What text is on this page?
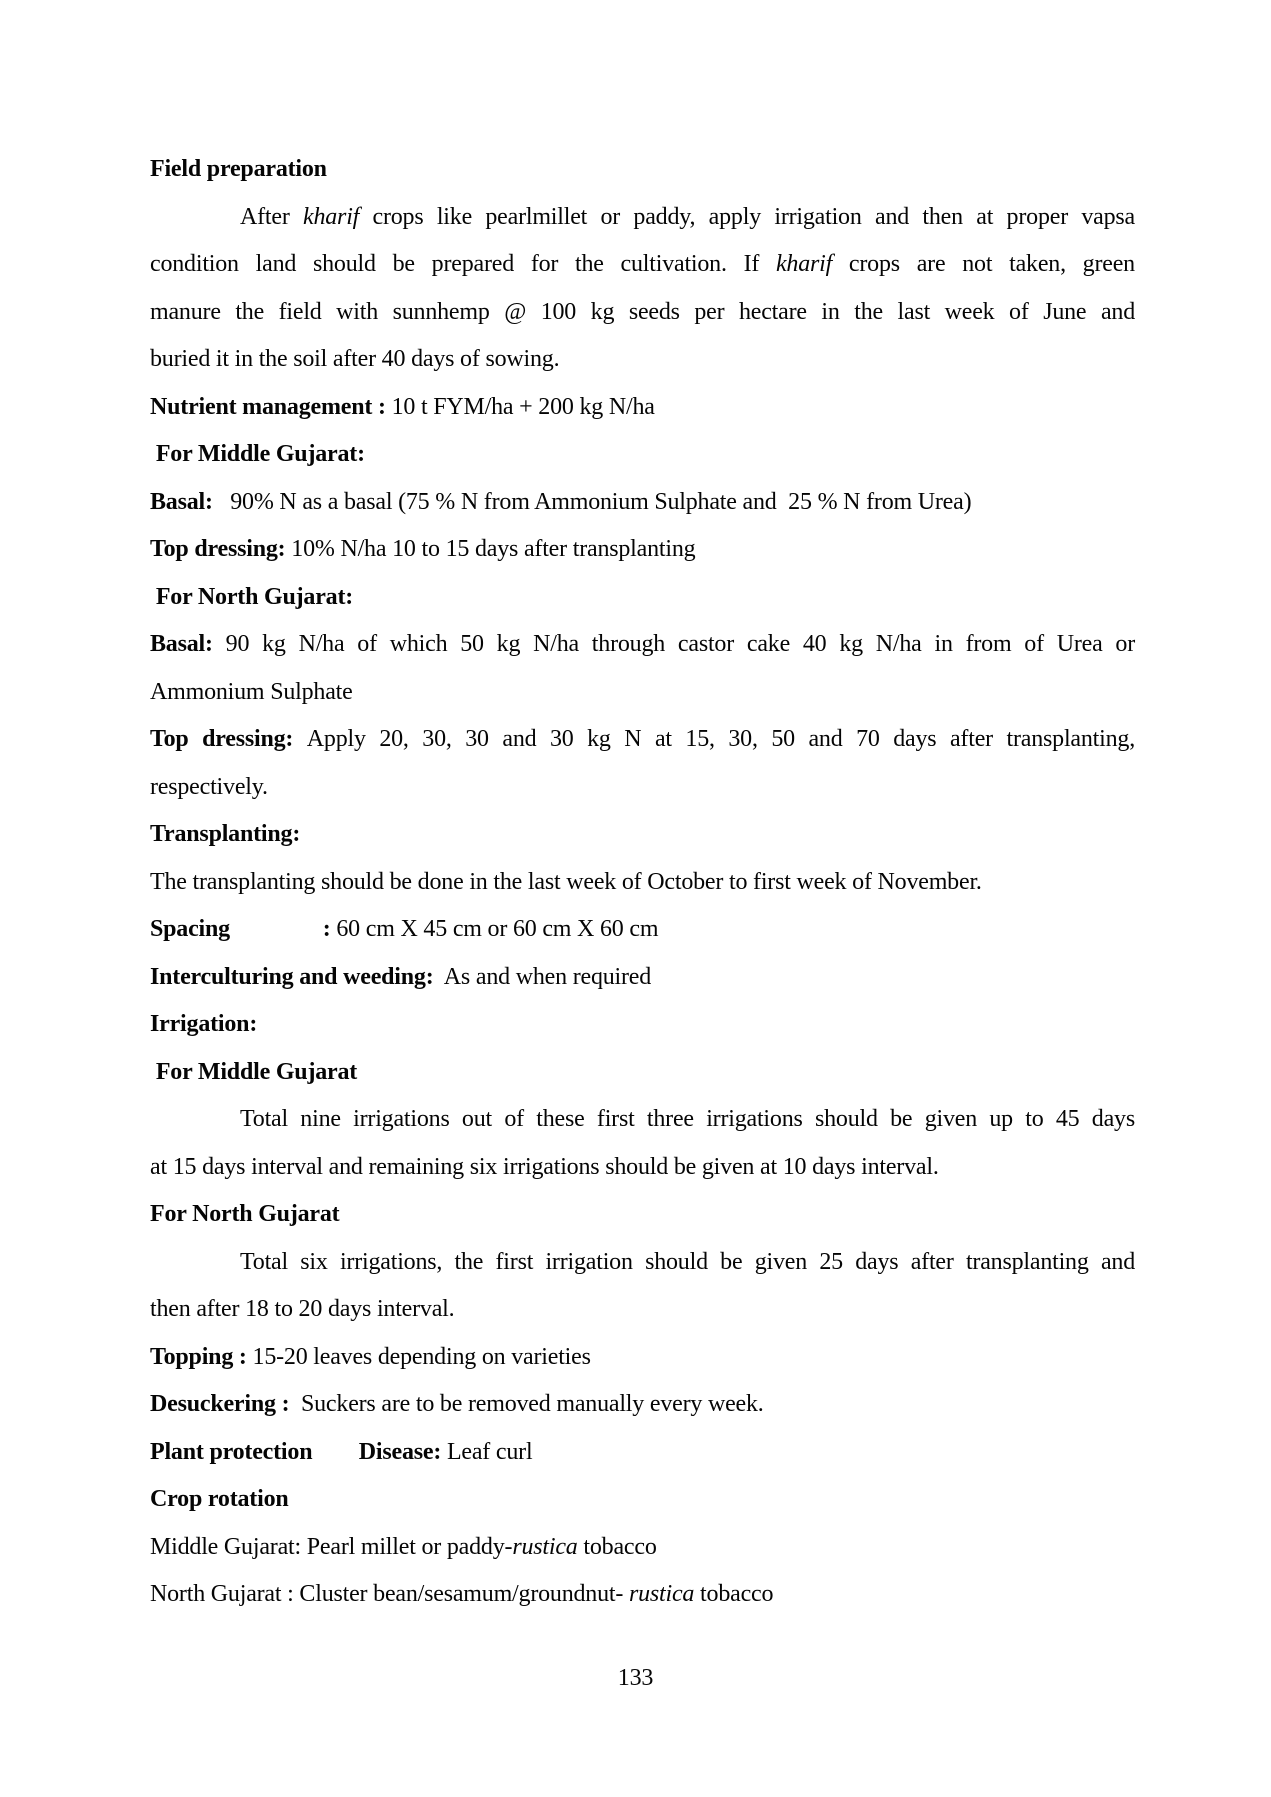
Field preparation
After kharif crops like pearlmillet or paddy, apply irrigation and then at proper vapsa
condition land should be prepared for the cultivation. If kharif crops are not taken, green
manure the field with sunnhemp @ 100 kg seeds per hectare in the last week of June and
buried it in the soil after 40 days of sowing.
Nutrient management : 10 t FYM/ha + 200 kg N/ha
For Middle Gujarat:
Basal:   90% N as a basal (75 % N from Ammonium Sulphate and  25 % N from Urea)
Top dressing: 10% N/ha 10 to 15 days after transplanting
For North Gujarat:
Basal: 90 kg N/ha of which 50 kg N/ha through castor cake 40 kg N/ha in from of Urea or
Ammonium Sulphate
Top dressing: Apply 20, 30, 30 and 30 kg N at 15, 30, 50 and 70 days after transplanting,
respectively.
Transplanting:
The transplanting should be done in the last week of October to first week of November.
Spacing	: 60 cm X 45 cm or 60 cm X 60 cm
Interculturing and weeding:  As and when required
Irrigation:
For Middle Gujarat
Total nine irrigations out of these first three irrigations should be given up to 45 days
at 15 days interval and remaining six irrigations should be given at 10 days interval.
For North Gujarat
Total six irrigations, the first irrigation should be given 25 days after transplanting and
then after 18 to 20 days interval.
Topping : 15-20 leaves depending on varieties
Desuckering :  Suckers are to be removed manually every week.
Plant protection Disease: Leaf curl
Crop rotation
Middle Gujarat: Pearl millet or paddy-rustica tobacco
North Gujarat : Cluster bean/sesamum/groundnut- rustica tobacco
133
